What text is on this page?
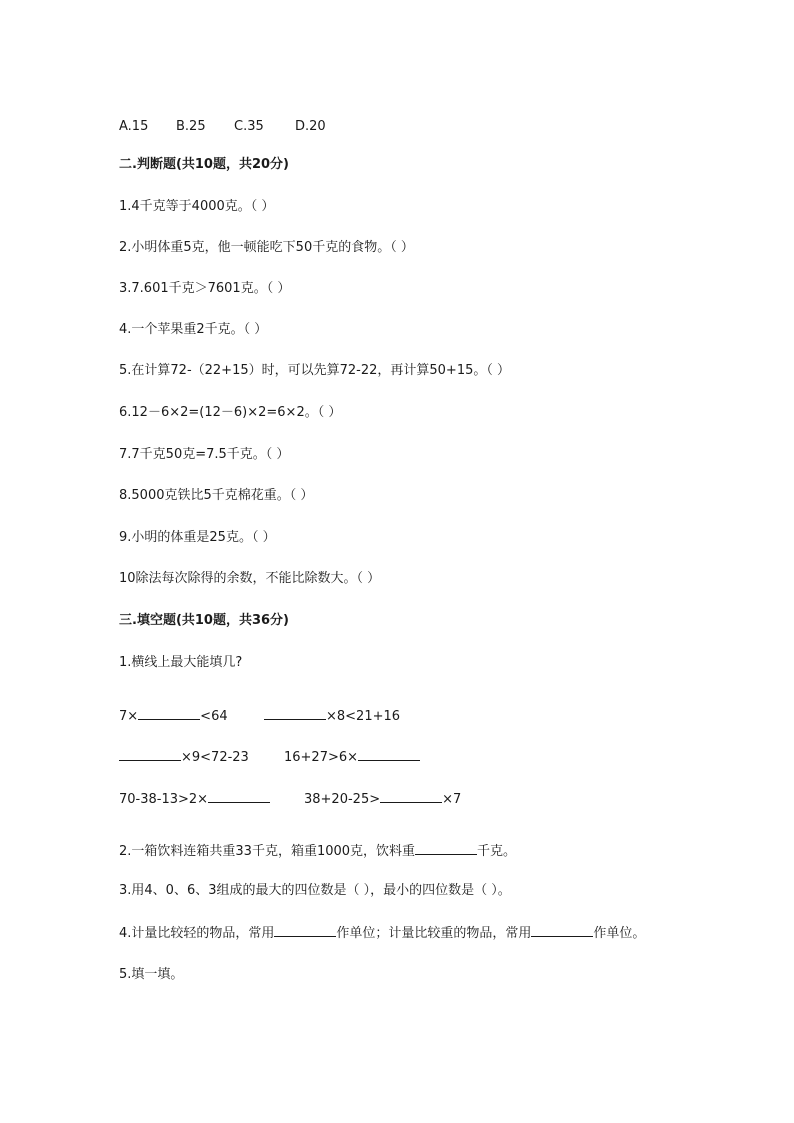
A.15 B.25 C.35 D.20
二.判断题(共10题，共20分)
1.4千克等于4000克。（ ）
2.小明体重5克，他一顿能吃下50千克的食物。（ ）
3.7.601千克＞7601克。（ ）
4.一个苹果重2千克。（ ）
5.在计算72-（22+15）时，可以先算72-22，再计算50+15。（ ）
6.12－6×2=(12－6)×2=6×2。（ ）
7.7千克50克=7.5千克。（ ）
8.5000克铁比5千克棉花重。（ ）
9.小明的体重是25克。（ ）
10除法每次除得的余数，不能比除数大。（ ）
三.填空题(共10题，共36分)
1.横线上最大能填几?
7×	<64	×8<21+16
×9<72-23	16+27>6×
70-38-13>2×	38+20-25>	×7
2.一箱饮料连箱共重33千克，箱重1000克，饮料重	千克。
3.用4、0、6、3组成的最大的四位数是（ ），最小的四位数是（ ）。
4.计量比较轻的物品，常用	作单位；计量比较重的物品，常用	作单位。
5.填一填。
